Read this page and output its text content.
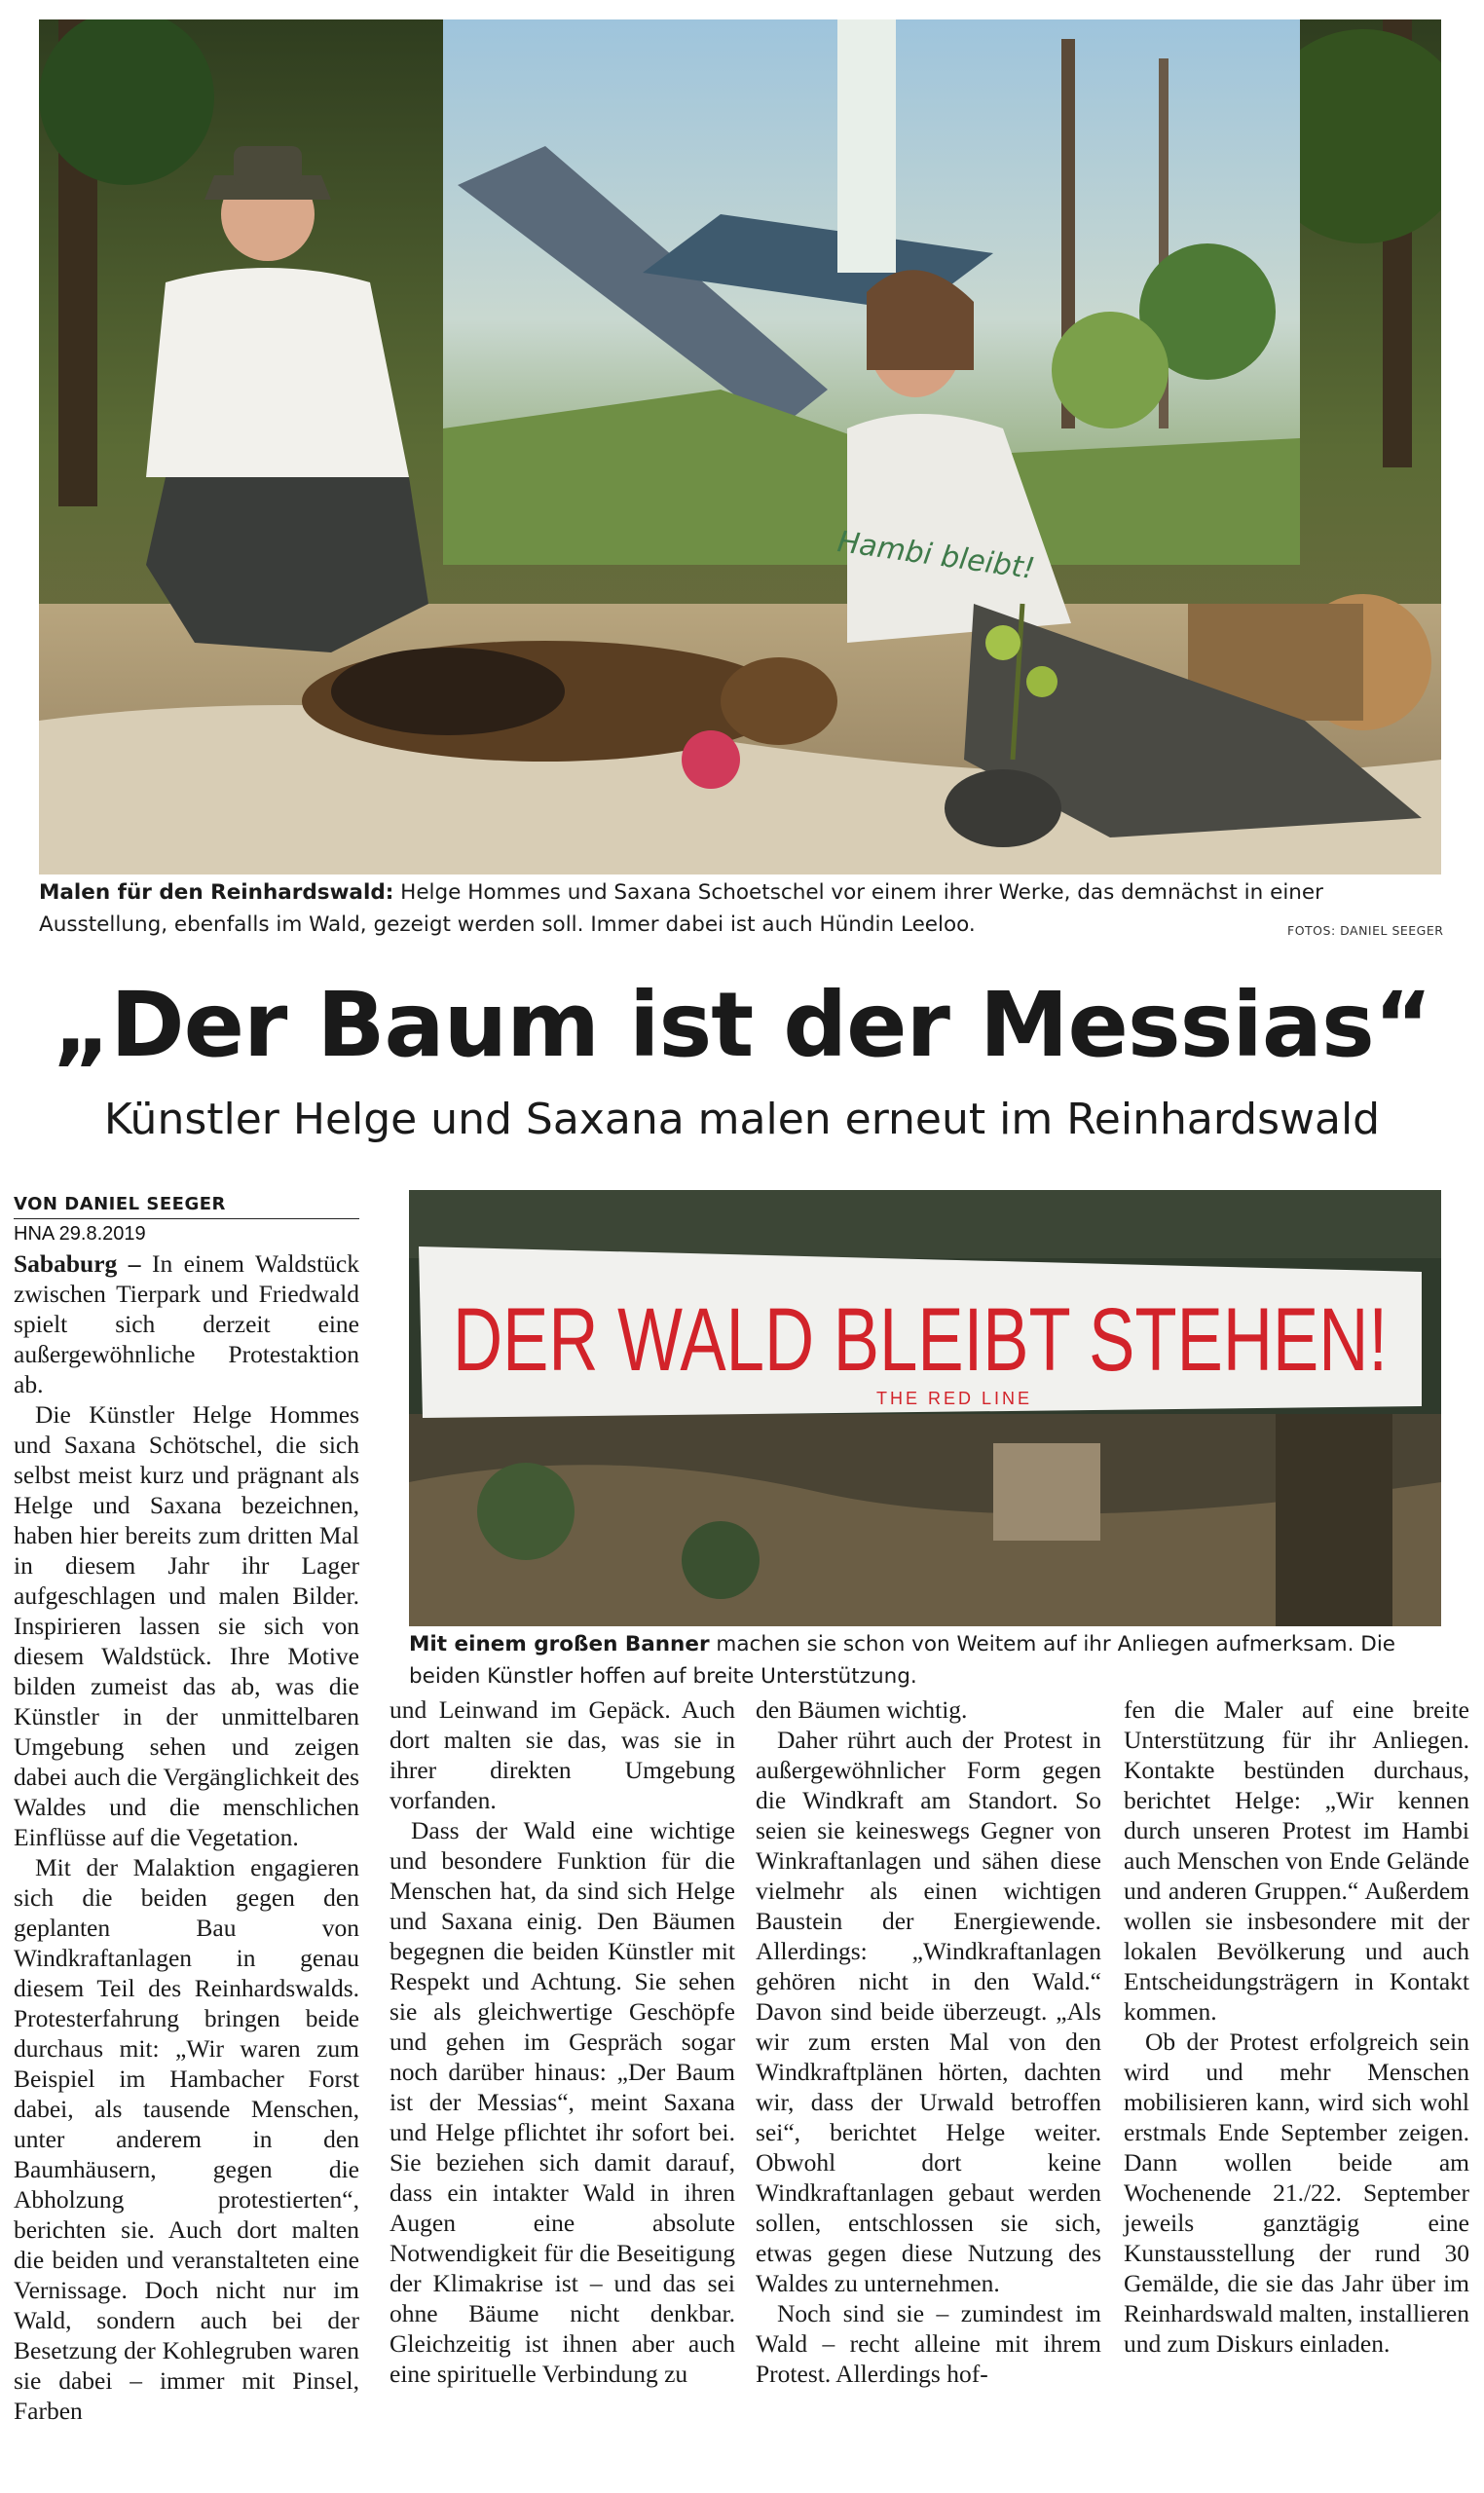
Hambi bleibt!
Malen für den Reinhardswald: Helge Hommes und Saxana Schoetschel vor einem ihrer Werke, das demnächst in einer Ausstellung, ebenfalls im Wald, gezeigt werden soll. Immer dabei ist auch Hündin Leeloo.	FOTOS: DANIEL SEEGER
„Der Baum ist der Messias“
Künstler Helge und Saxana malen erneut im Reinhardswald
VON DANIEL SEEGER
HNA 29.8.2019
DER WALD BLEIBT STEHEN!
THE RED LINE
Mit einem großen Banner machen sie schon von Weitem auf ihr Anliegen aufmerksam. Die beiden Künstler hoffen auf breite Unterstützung.

Sababurg – In einem Waldstück zwischen Tierpark und Friedwald spielt sich derzeit eine außergewöhnliche Protestaktion ab.

Die Künstler Helge Hommes und Saxana Schötschel, die sich selbst meist kurz und prägnant als Helge und Saxana bezeichnen, haben hier bereits zum dritten Mal in diesem Jahr ihr Lager aufgeschlagen und malen Bilder. Inspirieren lassen sie sich von diesem Waldstück. Ihre Motive bilden zumeist das ab, was die Künstler in der unmittelbaren Umgebung sehen und zeigen dabei auch die Vergänglichkeit des Waldes und die menschlichen Einflüsse auf die Vegetation.

Mit der Malaktion engagieren sich die beiden gegen den geplanten Bau von Windkraftanlagen in genau diesem Teil des Reinhardswalds. Protesterfahrung bringen beide durchaus mit: „Wir waren zum Beispiel im Hambacher Forst dabei, als tausende Menschen, unter anderem in den Baumhäusern, gegen die Abholzung protestierten“, berichten sie. Auch dort malten die beiden und veranstalteten eine Vernissage. Doch nicht nur im Wald, sondern auch bei der Besetzung der Kohlegruben waren sie dabei – immer mit Pinsel, Farben

und Leinwand im Gepäck. Auch dort malten sie das, was sie in ihrer direkten Umgebung vorfanden.

Dass der Wald eine wichtige und besondere Funktion für die Menschen hat, da sind sich Helge und Saxana einig. Den Bäumen begegnen die beiden Künstler mit Respekt und Achtung. Sie sehen sie als gleichwertige Geschöpfe und gehen im Gespräch sogar noch darüber hinaus: „Der Baum ist der Messias“, meint Saxana und Helge pflichtet ihr sofort bei. Sie beziehen sich damit darauf, dass ein intakter Wald in ihren Augen eine absolute Notwendigkeit für die Beseitigung der Klimakrise ist – und das sei ohne Bäume nicht denkbar. Gleichzeitig ist ihnen aber auch eine spirituelle Verbindung zu

den Bäumen wichtig.

Daher rührt auch der Protest in außergewöhnlicher Form gegen die Windkraft am Standort. So seien sie keineswegs Gegner von Winkraftanlagen und sähen diese vielmehr als einen wichtigen Baustein der Energiewende. Allerdings: „Windkraftanlagen gehören nicht in den Wald.“ Davon sind beide überzeugt. „Als wir zum ersten Mal von den Windkraftplänen hörten, dachten wir, dass der Urwald betroffen sei“, berichtet Helge weiter. Obwohl dort keine Windkraftanlagen gebaut werden sollen, entschlossen sie sich, etwas gegen diese Nutzung des Waldes zu unternehmen.

Noch sind sie – zumindest im Wald – recht alleine mit ihrem Protest. Allerdings hof-

fen die Maler auf eine breite Unterstützung für ihr Anliegen. Kontakte bestünden durchaus, berichtet Helge: „Wir kennen durch unseren Protest im Hambi auch Menschen von Ende Gelände und anderen Gruppen.“ Außerdem wollen sie insbesondere mit der lokalen Bevölkerung und auch Entscheidungsträgern in Kontakt kommen.

Ob der Protest erfolgreich sein wird und mehr Menschen mobilisieren kann, wird sich wohl erstmals Ende September zeigen. Dann wollen beide am Wochenende 21./22. September jeweils ganztägig eine Kunstausstellung der rund 30 Gemälde, die sie das Jahr über im Reinhardswald malten, installieren und zum Diskurs einladen.
